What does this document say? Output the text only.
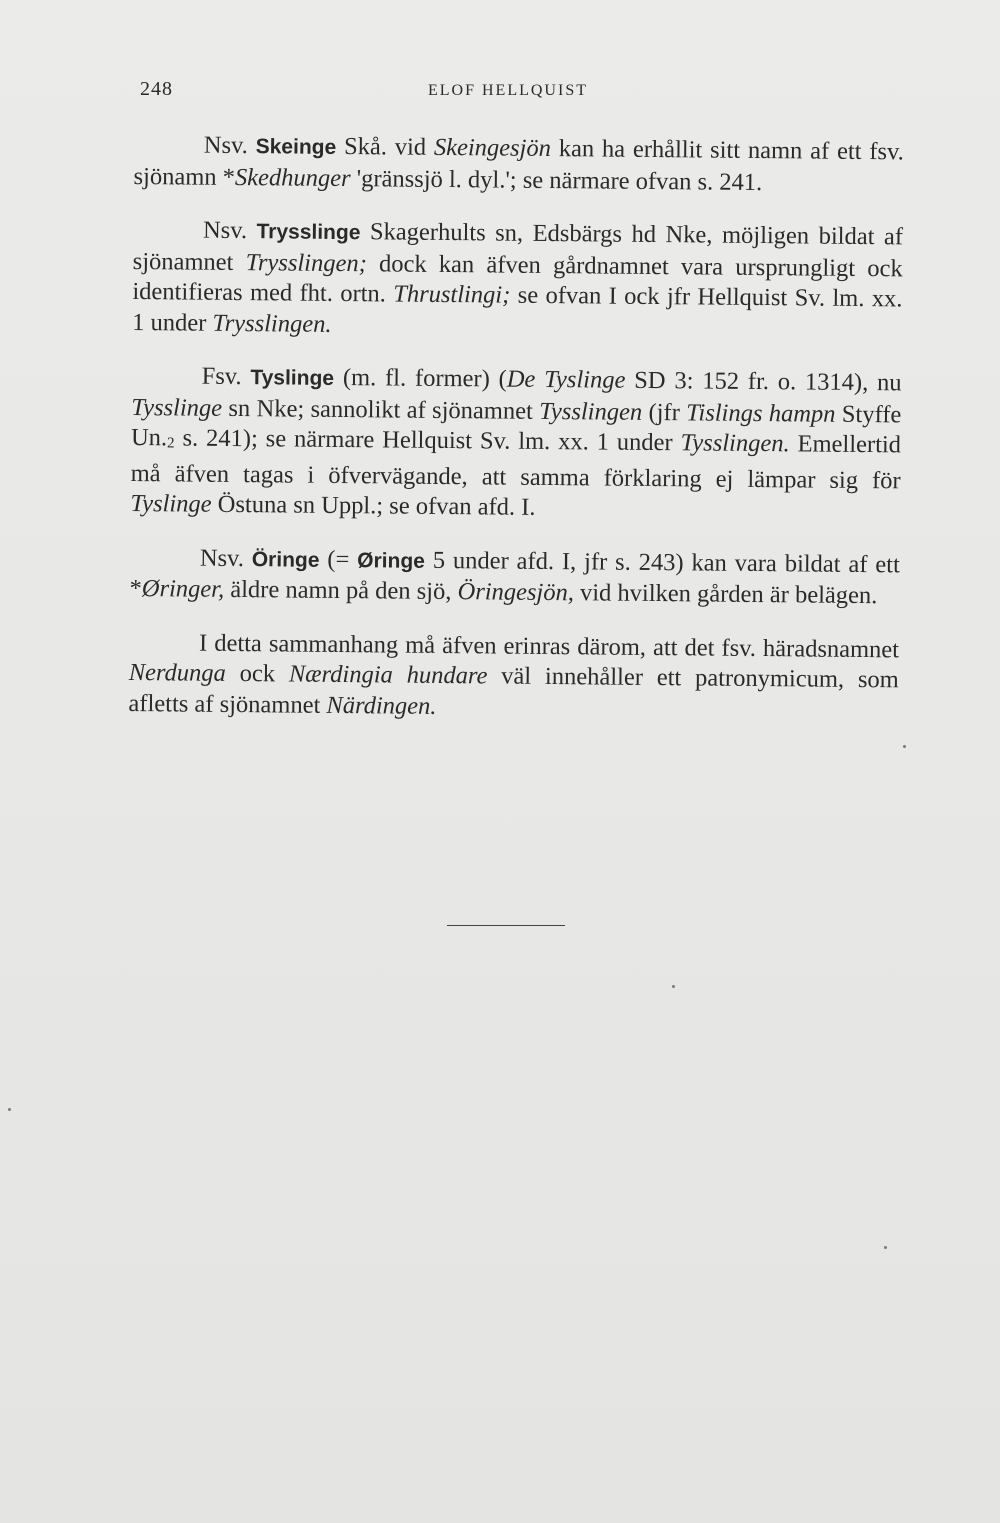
248	ELOF HELLQUIST

Nsv. Skeinge Skå. vid Skeingesjön kan ha erhållit sitt namn af ett fsv. sjönamn *Skedhunger 'gränssjö l. dyl.'; se närmare ofvan s. 241.

Nsv. Trysslinge Skagerhults sn, Edsbärgs hd Nke, möjligen bildat af sjönamnet Trysslingen; dock kan äfven gårdnamnet vara ursprungligt ock identifieras med fht. ortn. Thrustlingi; se ofvan I ock jfr Hellquist Sv. lm. xx. 1 under Trysslingen.

Fsv. Tyslinge (m. fl. former) (De Tyslinge SD 3: 152 fr. o. 1314), nu Tysslinge sn Nke; sannolikt af sjönamnet Tysslingen (jfr Tislings hampn Styffe Un.2 s. 241); se närmare Hellquist Sv. lm. xx. 1 under Tysslingen. Emellertid må äfven tagas i öfvervägande, att samma förklaring ej lämpar sig för Tyslinge Östuna sn Uppl.; se ofvan afd. I.

Nsv. Öringe (= Øringe 5 under afd. I, jfr s. 243) kan vara bildat af ett *Øringer, äldre namn på den sjö, Öringesjön, vid hvilken gården är belägen.

I detta sammanhang må äfven erinras därom, att det fsv. häradsnamnet Nerdunga ock Nærdingia hundare väl innehåller ett patronymicum, som afletts af sjönamnet Närdingen.
